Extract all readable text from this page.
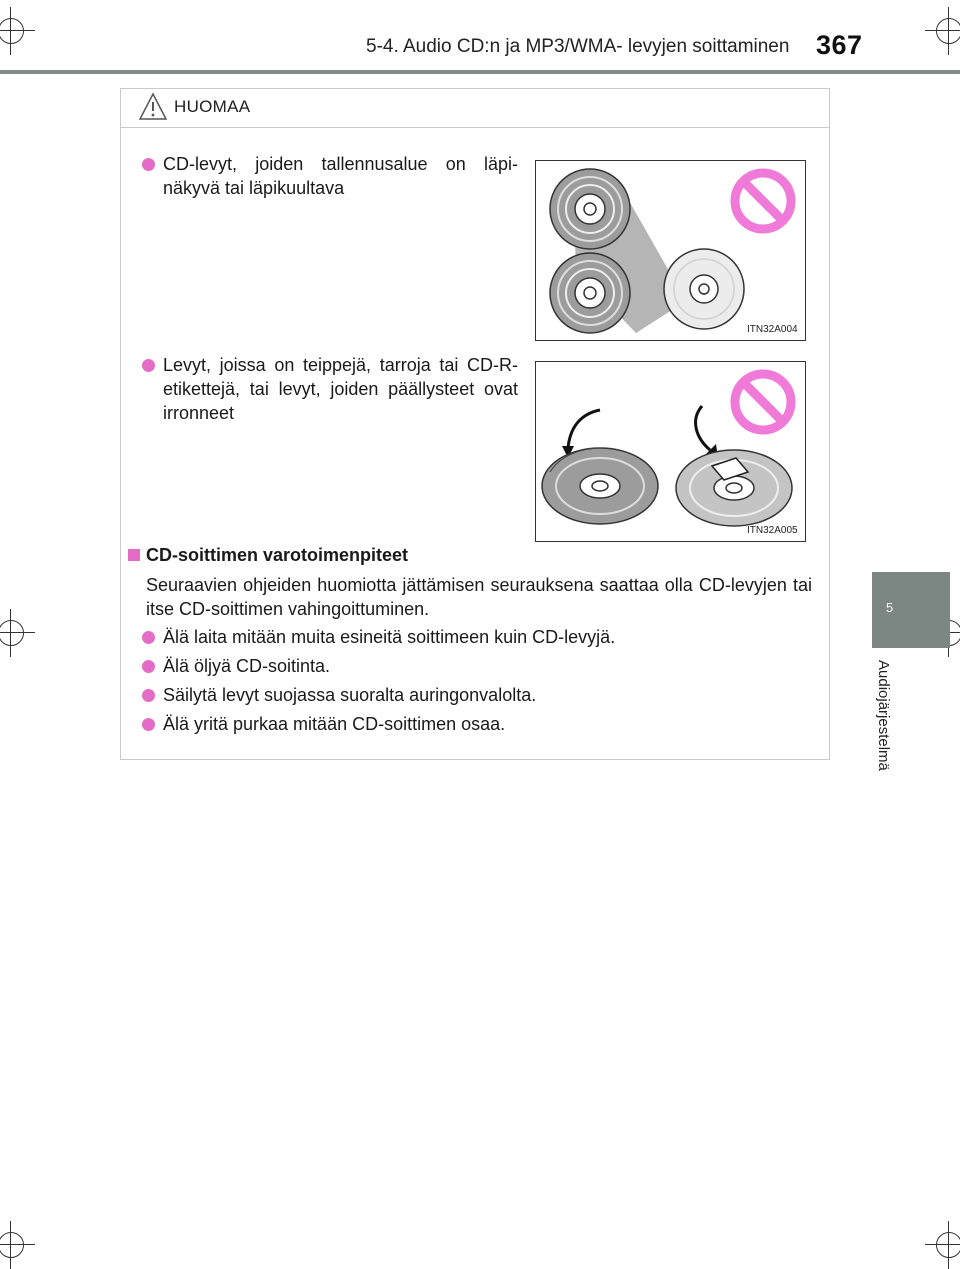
5-4. Audio CD:n ja MP3/WMA- levyjen soittaminen 367
5
Audiojärjestelmä
HUOMAA
CD-levyt, joiden tallennusalue on läpi-näkyvä tai läpikuultava
ITN32A004
Levyt, joissa on teippejä, tarroja tai CD-R-etikettejä, tai levyt, joiden päällysteet ovat irronneet
ITN32A005
CD-soittimen varotoimenpiteet
Seuraavien ohjeiden huomiotta jättämisen seurauksena saattaa olla CD-levyjen tai itse CD-soittimen vahingoittuminen.
Älä laita mitään muita esineitä soittimeen kuin CD-levyjä.
Älä öljyä CD-soitinta.
Säilytä levyt suojassa suoralta auringonvalolta.
Älä yritä purkaa mitään CD-soittimen osaa.
